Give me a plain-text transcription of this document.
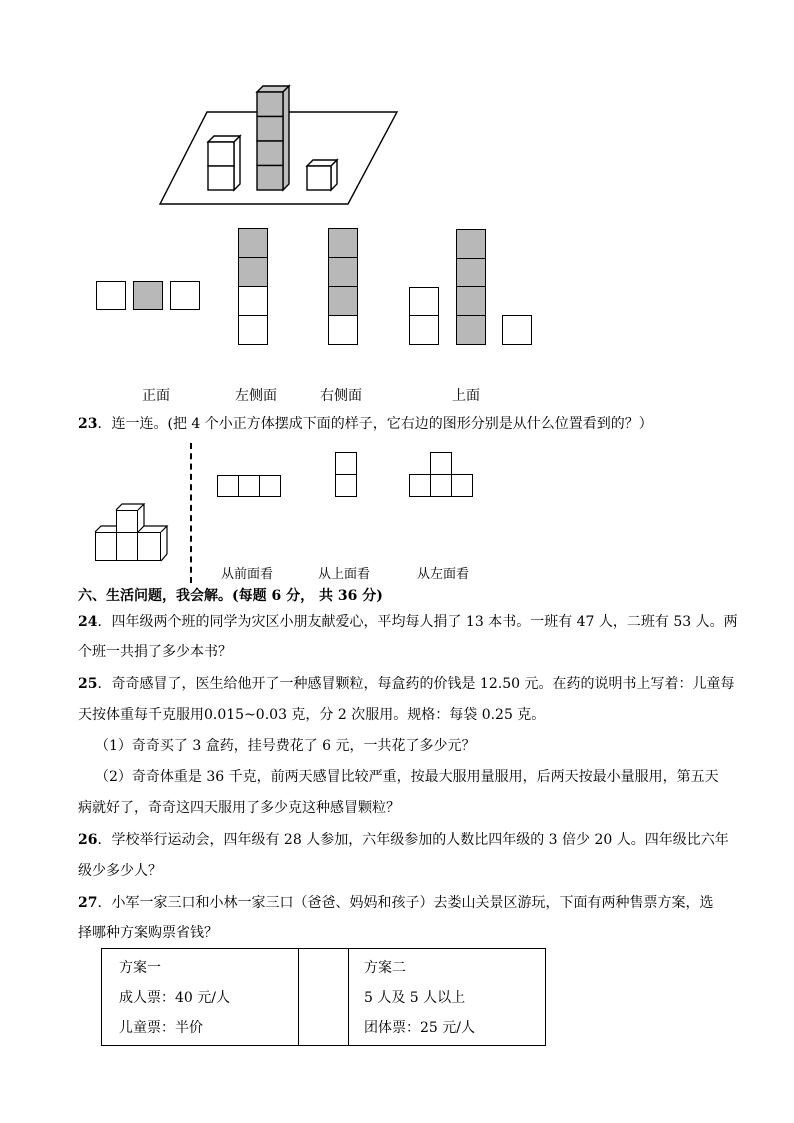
正面	左侧面	右侧面	上面
23．连一连。(把 4 个小正方体摆成下面的样子，它右边的图形分别是从什么位置看到的？）
从前面看	从上面看	从左面看
六、生活问题，我会解。(每题 6 分， 共 36 分)
24．四年级两个班的同学为灾区小朋友献爱心，平均每人捐了 13 本书。一班有 47 人，二班有 53 人。两
个班一共捐了多少本书？
25．奇奇感冒了，医生给他开了一种感冒颗粒，每盒药的价钱是 12.50 元。在药的说明书上写着：儿童每
天按体重每千克服用0.015~0.03 克，分 2 次服用。规格：每袋 0.25 克。
（1）奇奇买了 3 盒药，挂号费花了 6 元，一共花了多少元？
（2）奇奇体重是 36 千克，前两天感冒比较严重，按最大服用量服用，后两天按最小量服用，第五天
病就好了，奇奇这四天服用了多少克这种感冒颗粒？
26．学校举行运动会，四年级有 28 人参加，六年级参加的人数比四年级的 3 倍少 20 人。四年级比六年
级少多少人？
27．小军一家三口和小林一家三口（爸爸、妈妈和孩子）去娄山关景区游玩，下面有两种售票方案，选
择哪种方案购票省钱？
方案一
成人票：40 元/人
儿童票：半价

方案二
5 人及 5 人以上
团体票：25 元/人
